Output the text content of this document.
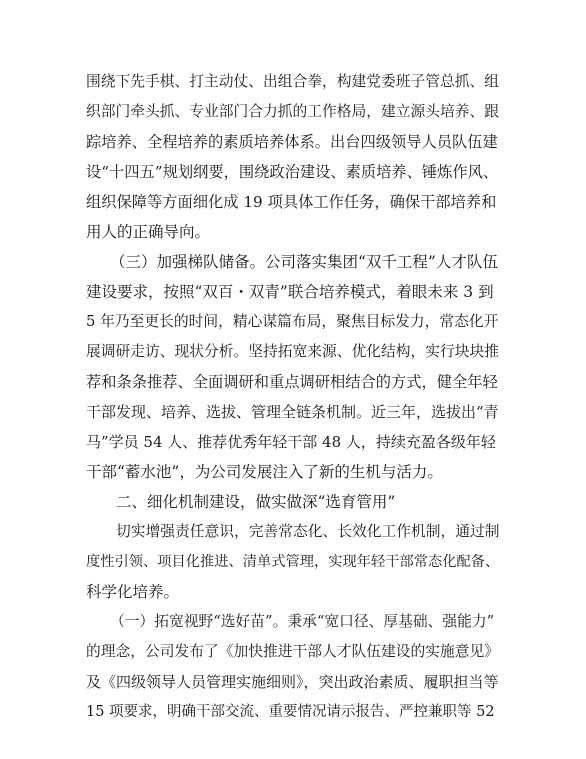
围绕下先手棋、打主动仗、出组合拳，构建党委班子管总抓、组
织部门牵头抓、专业部门合力抓的工作格局，建立源头培养、跟
踪培养、全程培养的素质培养体系。出台四级领导人员队伍建
设“十四五”规划纲要，围绕政治建设、素质培养、锤炼作风、
组织保障等方面细化成 19 项具体工作任务，确保干部培养和
用人的正确导向。
（三）加强梯队储备。公司落实集团“双千工程”人才队伍
建设要求，按照“双百・双青”联合培养模式，着眼未来 3 到
5 年乃至更长的时间，精心谋篇布局，聚焦目标发力，常态化开
展调研走访、现状分析。坚持拓宽来源、优化结构，实行块块推
荐和条条推荐、全面调研和重点调研相结合的方式，健全年轻
干部发现、培养、选拔、管理全链条机制。近三年，选拔出“青
马”学员 54 人、推荐优秀年轻干部 48 人，持续充盈各级年轻
干部“蓄水池”，为公司发展注入了新的生机与活力。
二、细化机制建设，做实做深“选育管用”
切实增强责任意识，完善常态化、长效化工作机制，通过制
度性引领、项目化推进、清单式管理，实现年轻干部常态化配备、
科学化培养。
（一）拓宽视野“选好苗”。秉承“宽口径、厚基础、强能力”
的理念，公司发布了《加快推进干部人才队伍建设的实施意见》
及《四级领导人员管理实施细则》，突出政治素质、履职担当等
15 项要求，明确干部交流、重要情况请示报告、严控兼职等 52
